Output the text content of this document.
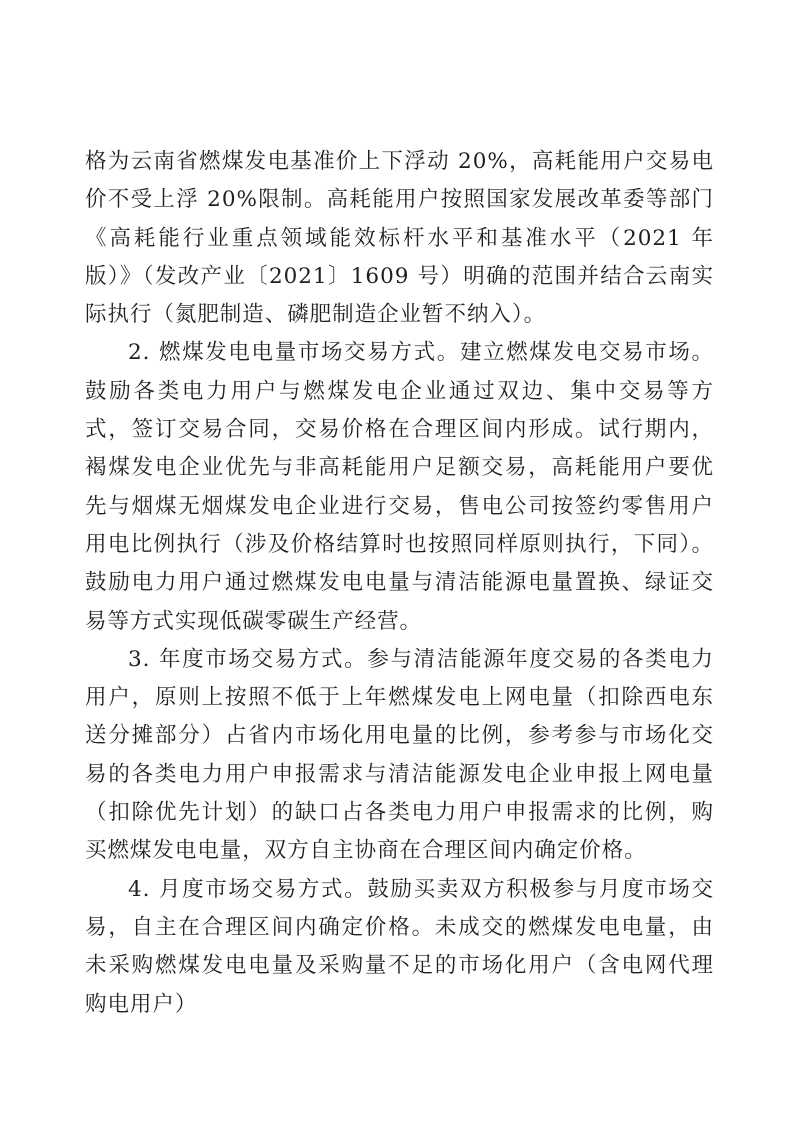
格为云南省燃煤发电基准价上下浮动 20%，高耗能用户交易电价不受上浮 20%限制。高耗能用户按照国家发展改革委等部门《高耗能行业重点领域能效标杆水平和基准水平（2021 年版）》（发改产业〔2021〕1609 号）明确的范围并结合云南实际执行（氮肥制造、磷肥制造企业暂不纳入）。

2. 燃煤发电电量市场交易方式。建立燃煤发电交易市场。鼓励各类电力用户与燃煤发电企业通过双边、集中交易等方式，签订交易合同，交易价格在合理区间内形成。试行期内，褐煤发电企业优先与非高耗能用户足额交易，高耗能用户要优先与烟煤无烟煤发电企业进行交易，售电公司按签约零售用户用电比例执行（涉及价格结算时也按照同样原则执行，下同）。鼓励电力用户通过燃煤发电电量与清洁能源电量置换、绿证交易等方式实现低碳零碳生产经营。

3. 年度市场交易方式。参与清洁能源年度交易的各类电力用户，原则上按照不低于上年燃煤发电上网电量（扣除西电东送分摊部分）占省内市场化用电量的比例，参考参与市场化交易的各类电力用户申报需求与清洁能源发电企业申报上网电量（扣除优先计划）的缺口占各类电力用户申报需求的比例，购买燃煤发电电量，双方自主协商在合理区间内确定价格。

4. 月度市场交易方式。鼓励买卖双方积极参与月度市场交易，自主在合理区间内确定价格。未成交的燃煤发电电量，由未采购燃煤发电电量及采购量不足的市场化用户（含电网代理购电用户）
